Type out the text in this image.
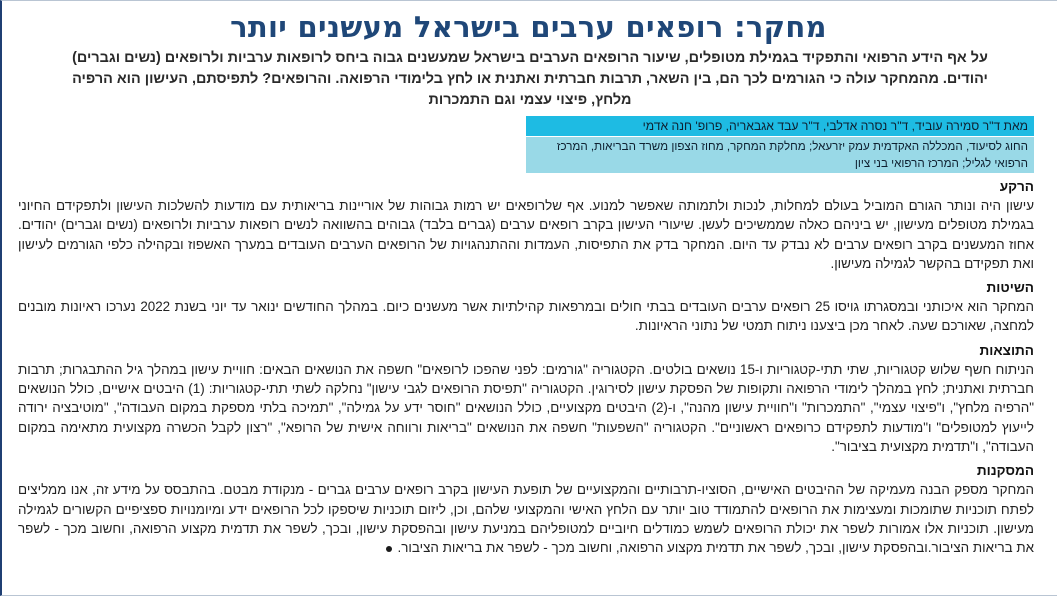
מחקר: רופאים ערבים בישראל מעשנים יותר
על אף הידע הרפואי והתפקיד בגמילת מטופלים, שיעור הרופאים הערבים בישראל שמעשנים גבוה ביחס לרופאות ערביות ולרופאים (נשים וגברים) יהודים. מהמחקר עולה כי הגורמים לכך הם, בין השאר, תרבות חברתית ואתנית או לחץ בלימודי הרפואה. והרופאים? לתפיסתם, העישון הוא הרפיה מלחץ, פיצוי עצמי וגם התמכרות
מאת ד"ר סמירה עוביד, ד"ר נסרה אדלבי, ד"ר עבד אגבאריה, פרופ' חנה אדמי
החוג לסיעוד, המכללה האקדמית עמק יזרעאל; מחלקת המחקר, מחוז הצפון משרד הבריאות, המרכז הרפואי לגליל; המרכז הרפואי בני ציון
הרקע
עישון היה ונותר הגורם המוביל בעולם למחלות, לנכות ולתמותה שאפשר למנוע. אף שלרופאים יש רמות גבוהות של אוריינות בריאותית עם מודעות להשלכות העישון ולתפקידם החיוני בגמילת מטופלים מעישון, יש ביניהם כאלה שממשיכים לעשן. שיעורי העישון בקרב רופאים ערבים (גברים בלבד) גבוהים בהשוואה לנשים רופאות ערביות ולרופאים (נשים וגברים) יהודים. אחוז המעשנים בקרב רופאים ערבים לא נבדק עד היום. המחקר בדק את התפיסות, העמדות וההתנהגויות של הרופאים הערבים העובדים במערך האשפוז ובקהילה כלפי הגורמים לעישון ואת תפקידם בהקשר לגמילה מעישון.
השיטות
המחקר הוא איכותני ובמסגרתו גויסו 25 רופאים ערבים העובדים בבתי חולים ובמרפאות קהילתיות אשר מעשנים כיום. במהלך החודשים ינואר עד יוני בשנת 2022 נערכו ראיונות מובנים למחצה, שאורכם שעה. לאחר מכן ביצענו ניתוח תמטי של נתוני הראיונות.
התוצאות
הניתוח חשף שלוש קטגוריות, שתי תתי-קטגוריות ו-15 נושאים בולטים. הקטגוריה "גורמים: לפני שהפכו לרופאים" חשפה את הנושאים הבאים: חוויית עישון במהלך גיל ההתבגרות; תרבות חברתית ואתנית; לחץ במהלך לימודי הרפואה ותקופות של הפסקת עישון לסירוגין. הקטגוריה "תפיסת הרופאים לגבי עישון" נחלקה לשתי תתי-קטגוריות: (1) היבטים אישיים, כולל הנושאים "הרפיה מלחץ", ו"פיצוי עצמי", "התמכרות" ו"חוויית עישון מהנה", ו-(2) היבטים מקצועיים, כולל הנושאים "חוסר ידע על גמילה", "תמיכה בלתי מספקת במקום העבודה", "מוטיבציה ירודה לייעוץ למטופלים" ו"מודעות לתפקידם כרופאים ראשוניים". הקטגוריה "השפעות" חשפה את הנושאים "בריאות ורווחה אישית של הרופא", "רצון לקבל הכשרה מקצועית מתאימה במקום העבודה", ו"תדמית מקצועית בציבור".
המסקנות
המחקר מספק הבנה מעמיקה של ההיבטים האישיים, הסוציו-תרבותיים והמקצועיים של תופעת העישון בקרב רופאים ערבים גברים - מנקודת מבטם. בהתבסס על מידע זה, אנו ממליצים לפתח תוכניות שתומכות ומעצימות את הרופאים להתמודד טוב יותר עם הלחץ האישי והמקצועי שלהם, וכן, ליזום תוכניות שיספקו לכל הרופאים ידע ומיומנויות ספציפיים הקשורים לגמילה מעישון. תוכניות אלו אמורות לשפר את יכולת הרופאים לשמש כמודלים חיוביים למטופליהם במניעת עישון ובהפסקת עישון, ובכך, לשפר את תדמית מקצוע הרפואה, וחשוב מכך - לשפר את בריאות הציבור.ובהפסקת עישון, ובכך, לשפר את תדמית מקצוע הרפואה, וחשוב מכך - לשפר את בריאות הציבור.
